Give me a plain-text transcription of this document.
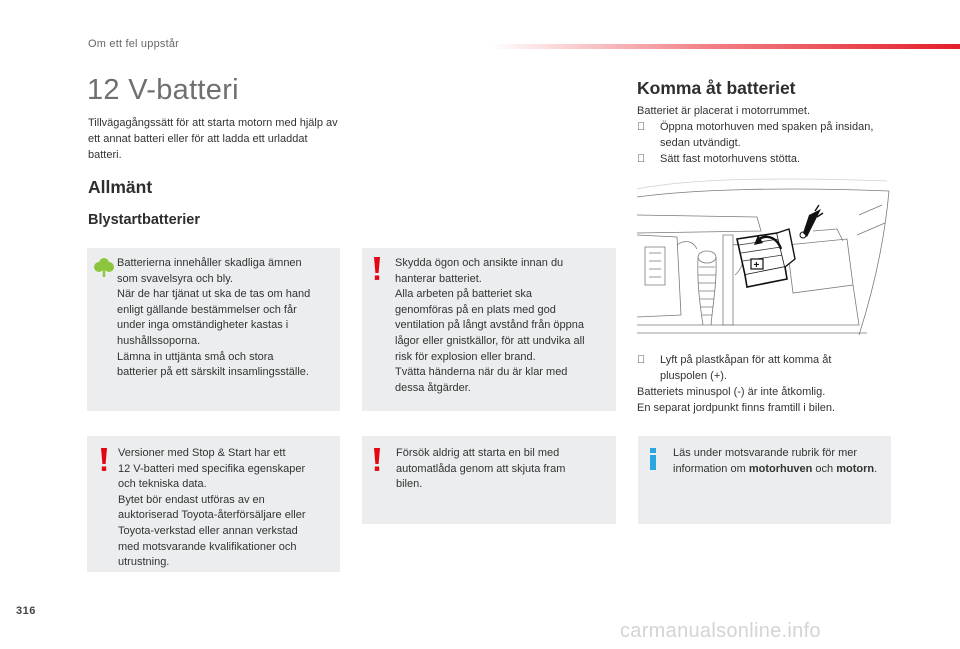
Om ett fel uppstår
12 V-batteri
Tillvägagångssätt för att starta motorn med hjälp av ett annat batteri eller för att ladda ett urladdat batteri.
Allmänt
Blystartbatterier
Batterierna innehåller skadliga ämnen
som svavelsyra och bly.
När de har tjänat ut ska de tas om hand
enligt gällande bestämmelser och får
under inga omständigheter kastas i
hushållssoporna.
Lämna in uttjänta små och stora
batterier på ett särskilt insamlingsställe.
Skydda ögon och ansikte innan du
hanterar batteriet.
Alla arbeten på batteriet ska
genomföras på en plats med god
ventilation på långt avstånd från öppna
lågor eller gnistkällor, för att undvika all
risk för explosion eller brand.
Tvätta händerna när du är klar med
dessa åtgärder.
Versioner med Stop & Start har ett
12 V-batteri med specifika egenskaper
och tekniska data.
Bytet bör endast utföras av en
auktoriserad Toyota-återförsäljare eller
Toyota-verkstad eller annan verkstad
med motsvarande kvalifikationer och
utrustning.
Försök aldrig att starta en bil med
automatlåda genom att skjuta fram
bilen.
Komma åt batteriet
Batteriet är placerat i motorrummet.
Öppna motorhuven med spaken på insidan, sedan utvändigt.
Sätt fast motorhuvens stötta.
+
Lyft på plastkåpan för att komma åt pluspolen (+).
Batteriets minuspol (-) är inte åtkomlig.
En separat jordpunkt finns framtill i bilen.
Läs under motsvarande rubrik för mer information om motorhuven och motorn.
316
carmanualsonline.info
